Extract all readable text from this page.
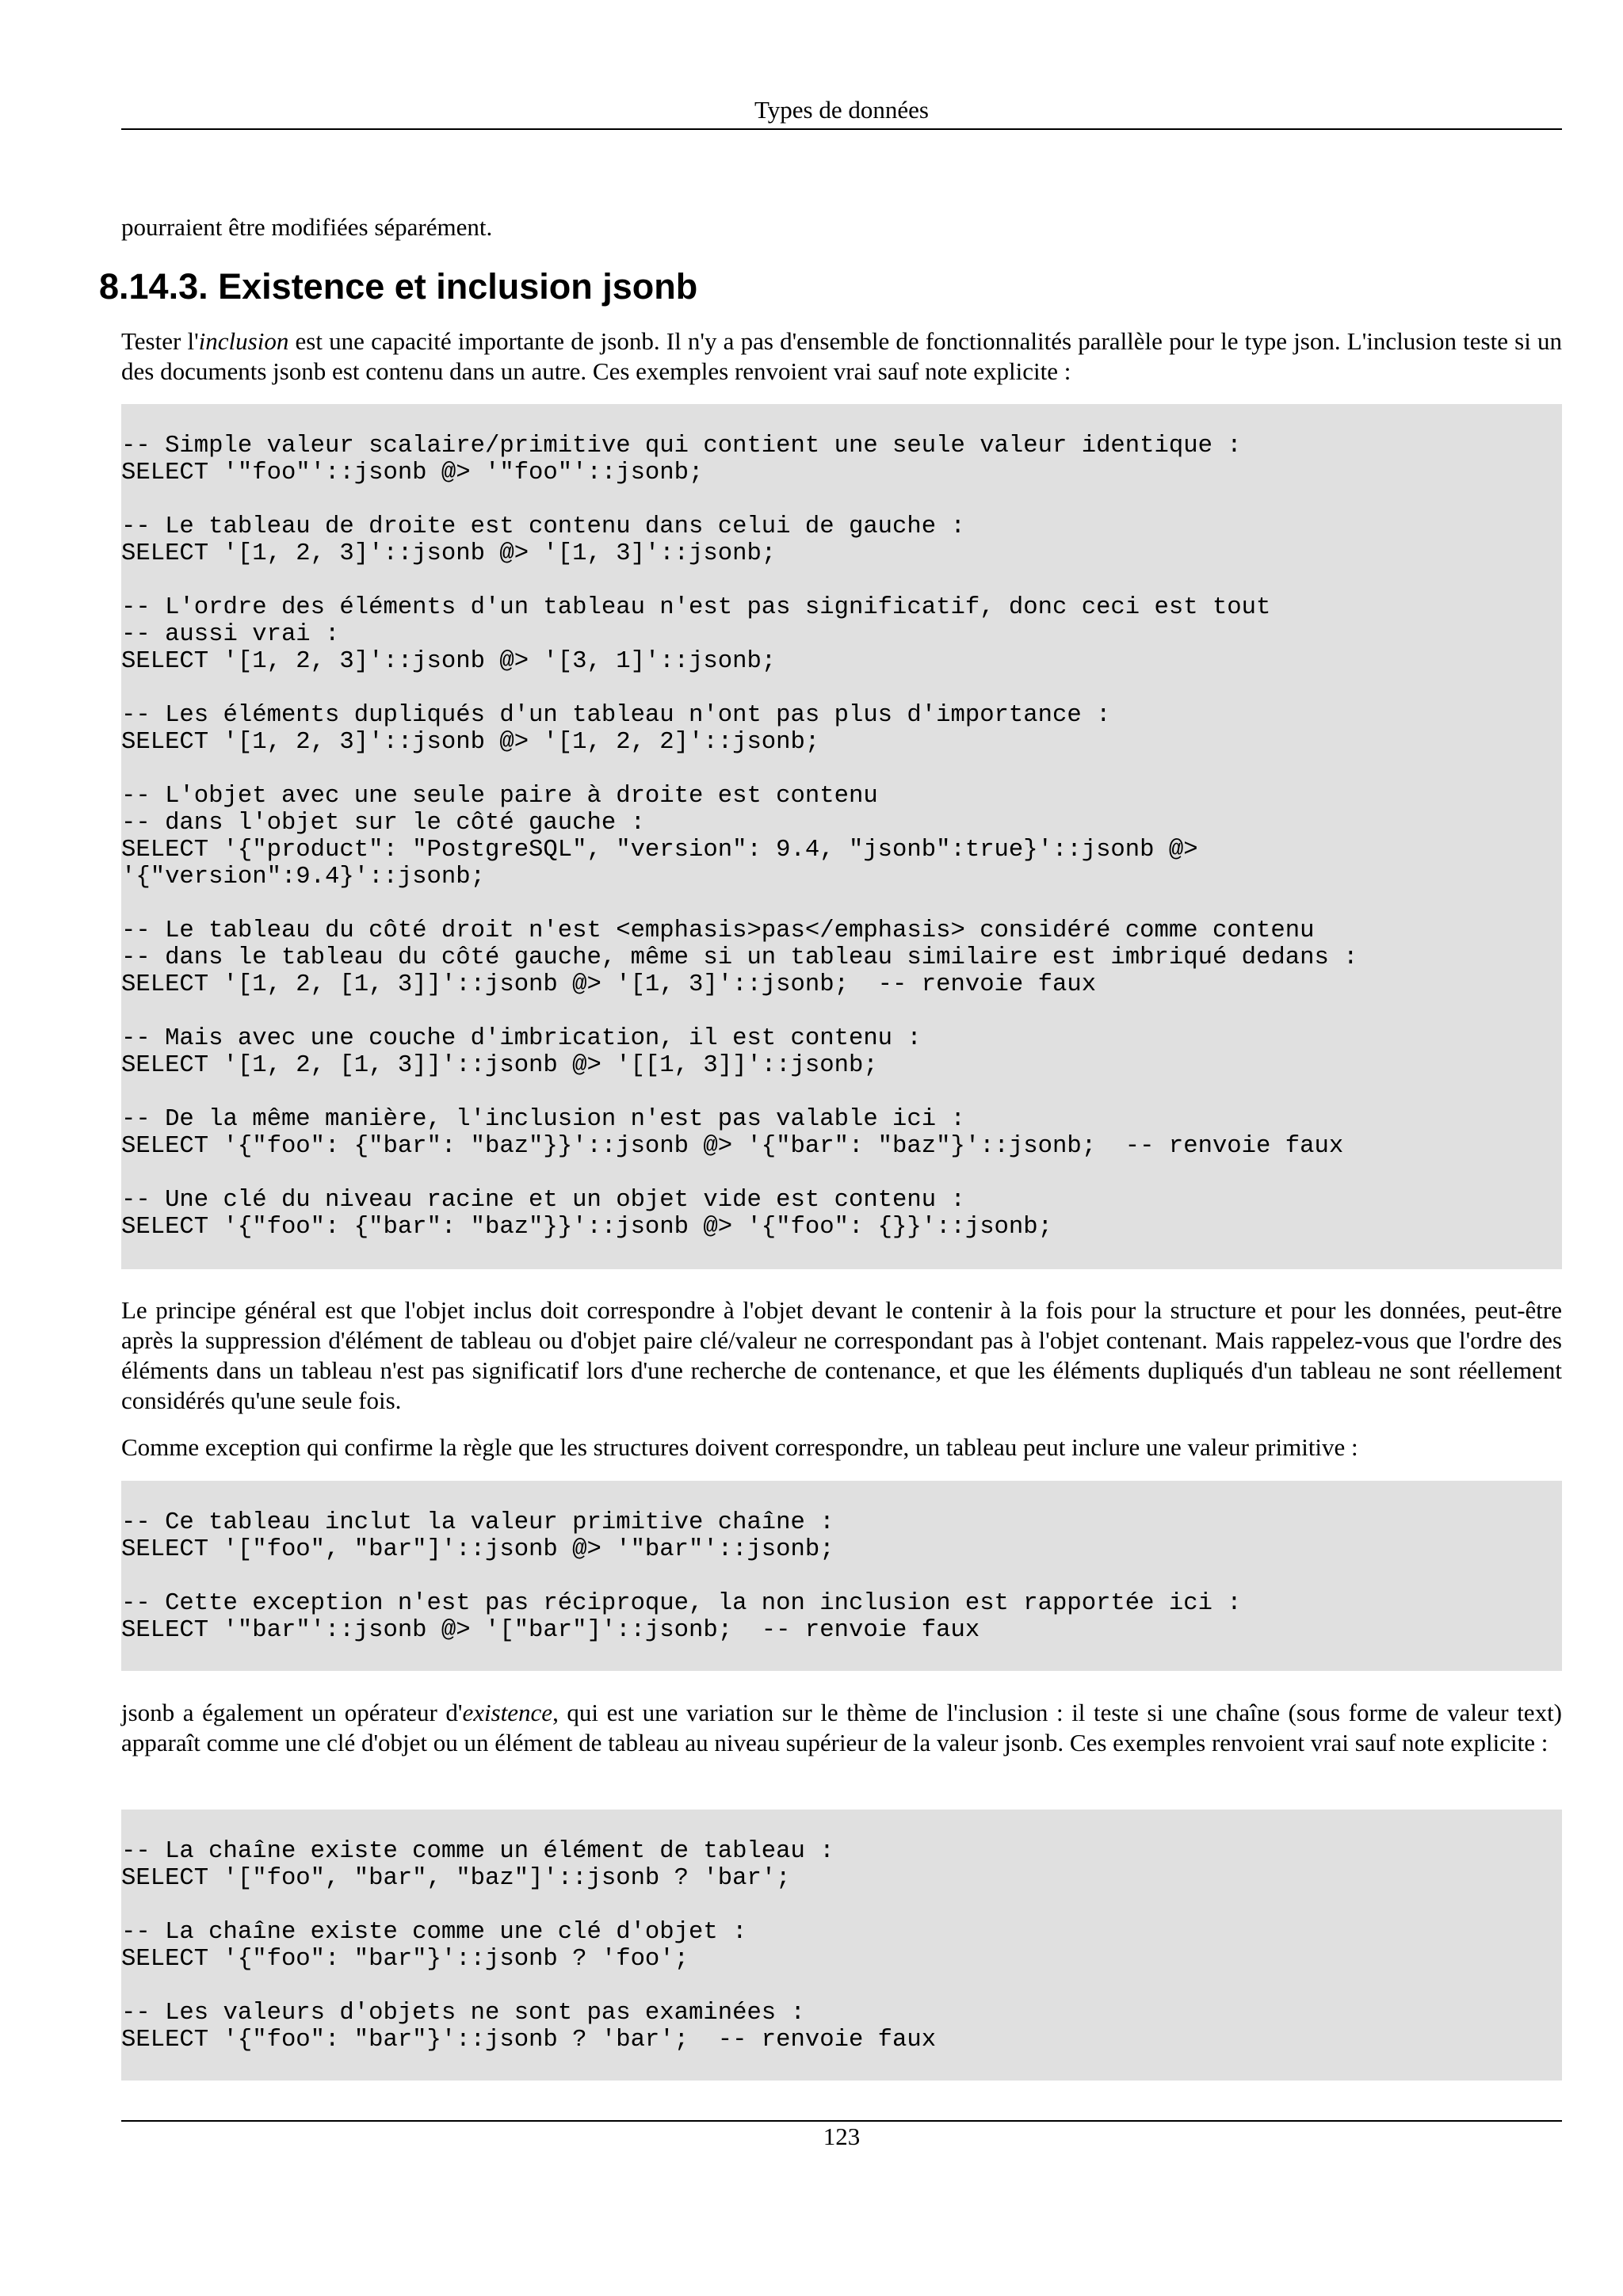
Types de données
pourraient être modifiées séparément.
8.14.3. Existence et inclusion jsonb
Tester l'inclusion est une capacité importante de jsonb. Il n'y a pas d'ensemble de fonctionnalités parallèle pour le type json. L'inclusion teste si un des documents jsonb est contenu dans un autre. Ces exemples renvoient vrai sauf note explicite :
-- Simple valeur scalaire/primitive qui contient une seule valeur identique :
SELECT '"foo"'::jsonb @> '"foo"'::jsonb;
-- Le tableau de droite est contenu dans celui de gauche :
SELECT '[1, 2, 3]'::jsonb @> '[1, 3]'::jsonb;
-- L'ordre des éléments d'un tableau n'est pas significatif, donc ceci est tout
-- aussi vrai :
SELECT '[1, 2, 3]'::jsonb @> '[3, 1]'::jsonb;
-- Les éléments dupliqués d'un tableau n'ont pas plus d'importance :
SELECT '[1, 2, 3]'::jsonb @> '[1, 2, 2]'::jsonb;
-- L'objet avec une seule paire à droite est contenu
-- dans l'objet sur le côté gauche :
SELECT '{"product": "PostgreSQL", "version": 9.4, "jsonb":true}'::jsonb @>
'{"version":9.4}'::jsonb;
-- Le tableau du côté droit n'est <emphasis>pas</emphasis> considéré comme contenu
-- dans le tableau du côté gauche, même si un tableau similaire est imbriqué dedans :
SELECT '[1, 2, [1, 3]]'::jsonb @> '[1, 3]'::jsonb;  -- renvoie faux
-- Mais avec une couche d'imbrication, il est contenu :
SELECT '[1, 2, [1, 3]]'::jsonb @> '[[1, 3]]'::jsonb;
-- De la même manière, l'inclusion n'est pas valable ici :
SELECT '{"foo": {"bar": "baz"}}'::jsonb @> '{"bar": "baz"}'::jsonb;  -- renvoie faux
-- Une clé du niveau racine et un objet vide est contenu :
SELECT '{"foo": {"bar": "baz"}}'::jsonb @> '{"foo": {}}'::jsonb;
Le principe général est que l'objet inclus doit correspondre à l'objet devant le contenir à la fois pour la structure et pour les données, peut-être après la suppression d'élément de tableau ou d'objet paire clé/valeur ne correspondant pas à l'objet contenant. Mais rappelez-vous que l'ordre des éléments dans un tableau n'est pas significatif lors d'une recherche de contenance, et que les éléments dupliqués d'un tableau ne sont réellement considérés qu'une seule fois.
Comme exception qui confirme la règle que les structures doivent correspondre, un tableau peut inclure une valeur primitive :
-- Ce tableau inclut la valeur primitive chaîne :
SELECT '["foo", "bar"]'::jsonb @> '"bar"'::jsonb;
-- Cette exception n'est pas réciproque, la non inclusion est rapportée ici :
SELECT '"bar"'::jsonb @> '["bar"]'::jsonb;  -- renvoie faux
jsonb a également un opérateur d'existence, qui est une variation sur le thème de l'inclusion : il teste si une chaîne (sous forme de valeur text) apparaît comme une clé d'objet ou un élément de tableau au niveau supérieur de la valeur jsonb. Ces exemples renvoient vrai sauf note explicite :
-- La chaîne existe comme un élément de tableau :
SELECT '["foo", "bar", "baz"]'::jsonb ? 'bar';
-- La chaîne existe comme une clé d'objet :
SELECT '{"foo": "bar"}'::jsonb ? 'foo';
-- Les valeurs d'objets ne sont pas examinées :
SELECT '{"foo": "bar"}'::jsonb ? 'bar';  -- renvoie faux
123
